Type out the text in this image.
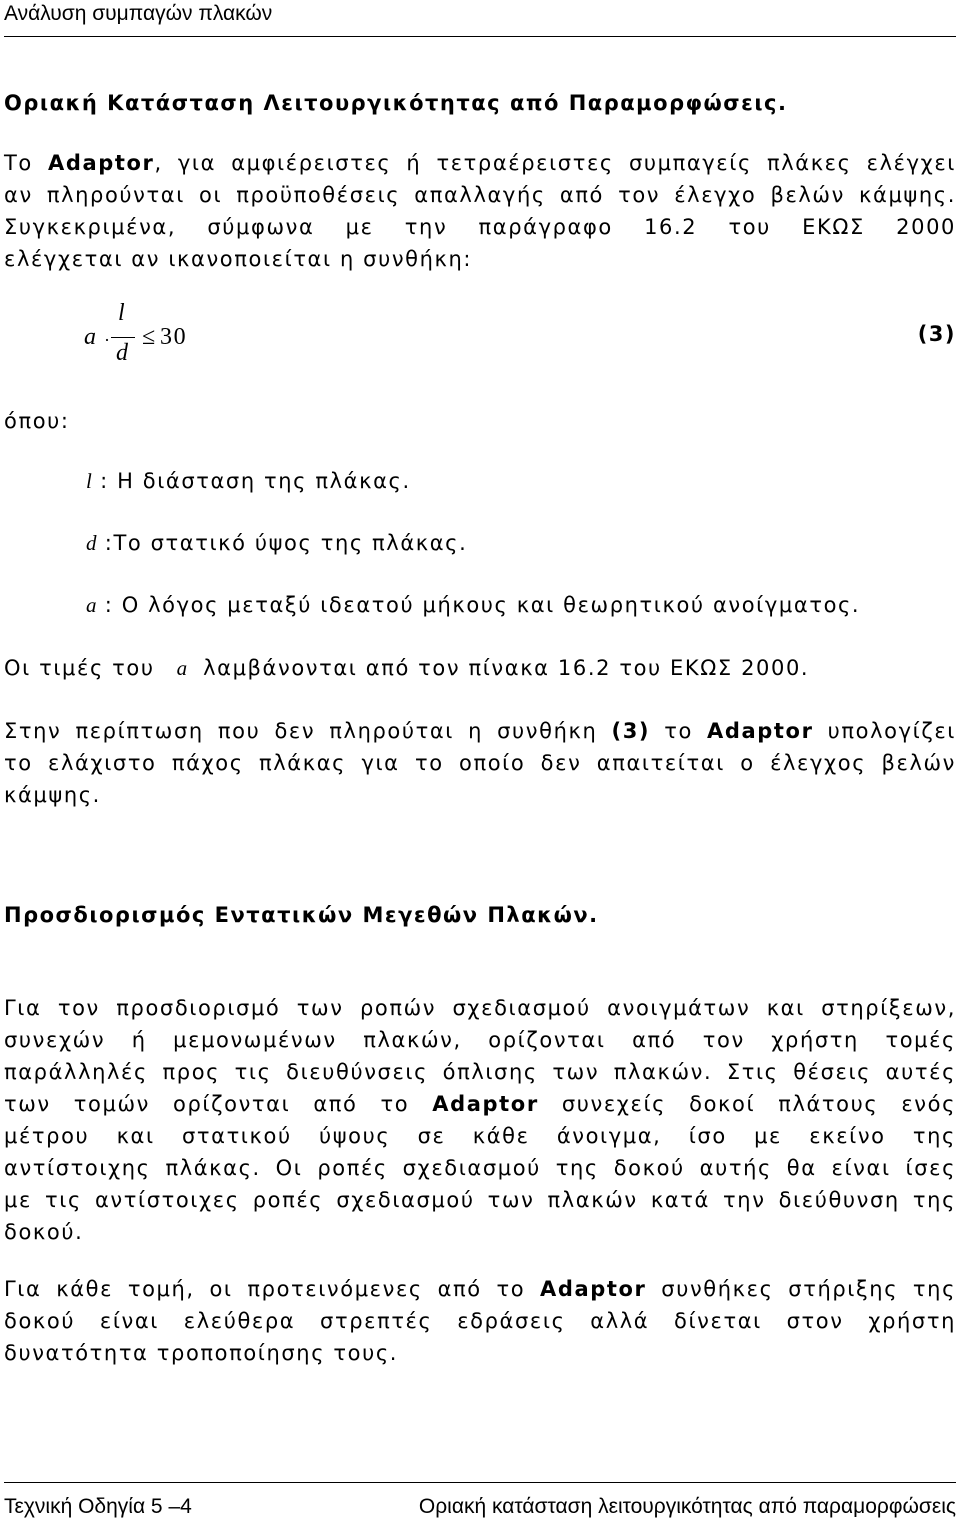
Ανάλυση συμπαγών πλακών
Οριακή Κατάσταση Λειτουργικότητας από Παραμορφώσεις.
Το Adaptor, για αμφιέρειστες ή τετραέρειστες συμπαγείς πλάκες ελέγχει
αν πληρούνται οι προϋποθέσεις απαλλαγής από τον έλεγχο βελών κάμψης.
Συγκεκριμένα, σύμφωνα με την παράγραφο 16.2 του ΕΚΩΣ 2000
ελέγχεται αν ικανοποιείται η συνθήκη:
a ·
l
d
≤ 30	(3)
όπου:
l : Η διάσταση της πλάκας.
d :Το στατικό ύψος της πλάκας.
a : Ο λόγος μεταξύ ιδεατού μήκους και θεωρητικού ανοίγματος.
Οι τιμές του a λαμβάνονται από τον πίνακα 16.2 του ΕΚΩΣ 2000.
Στην περίπτωση που δεν πληρούται η συνθήκη (3) το Adaptor υπολογίζει
το ελάχιστο πάχος πλάκας για το οποίο δεν απαιτείται ο έλεγχος βελών
κάμψης.
Προσδιορισμός Εντατικών Μεγεθών Πλακών.
Για τον προσδιορισμό των ροπών σχεδιασμού ανοιγμάτων και στηρίξεων,
συνεχών ή μεμονωμένων πλακών, ορίζονται από τον χρήστη τομές
παράλληλές προς τις διευθύνσεις όπλισης των πλακών. Στις θέσεις αυτές
των τομών ορίζονται από το Adaptor συνεχείς δοκοί πλάτους ενός
μέτρου και στατικού ύψους σε κάθε άνοιγμα, ίσο με εκείνο της
αντίστοιχης πλάκας. Οι ροπές σχεδιασμού της δοκού αυτής θα είναι ίσες
με τις αντίστοιχες ροπές σχεδιασμού των πλακών κατά την διεύθυνση της
δοκού.
Για κάθε τομή, οι προτεινόμενες από το Adaptor συνθήκες στήριξης της
δοκού είναι ελεύθερα στρεπτές εδράσεις αλλά δίνεται στον χρήστη
δυνατότητα τροποποίησης τους.
Τεχνική Οδηγία 5 –4	Οριακή κατάσταση λειτουργικότητας από παραμορφώσεις
